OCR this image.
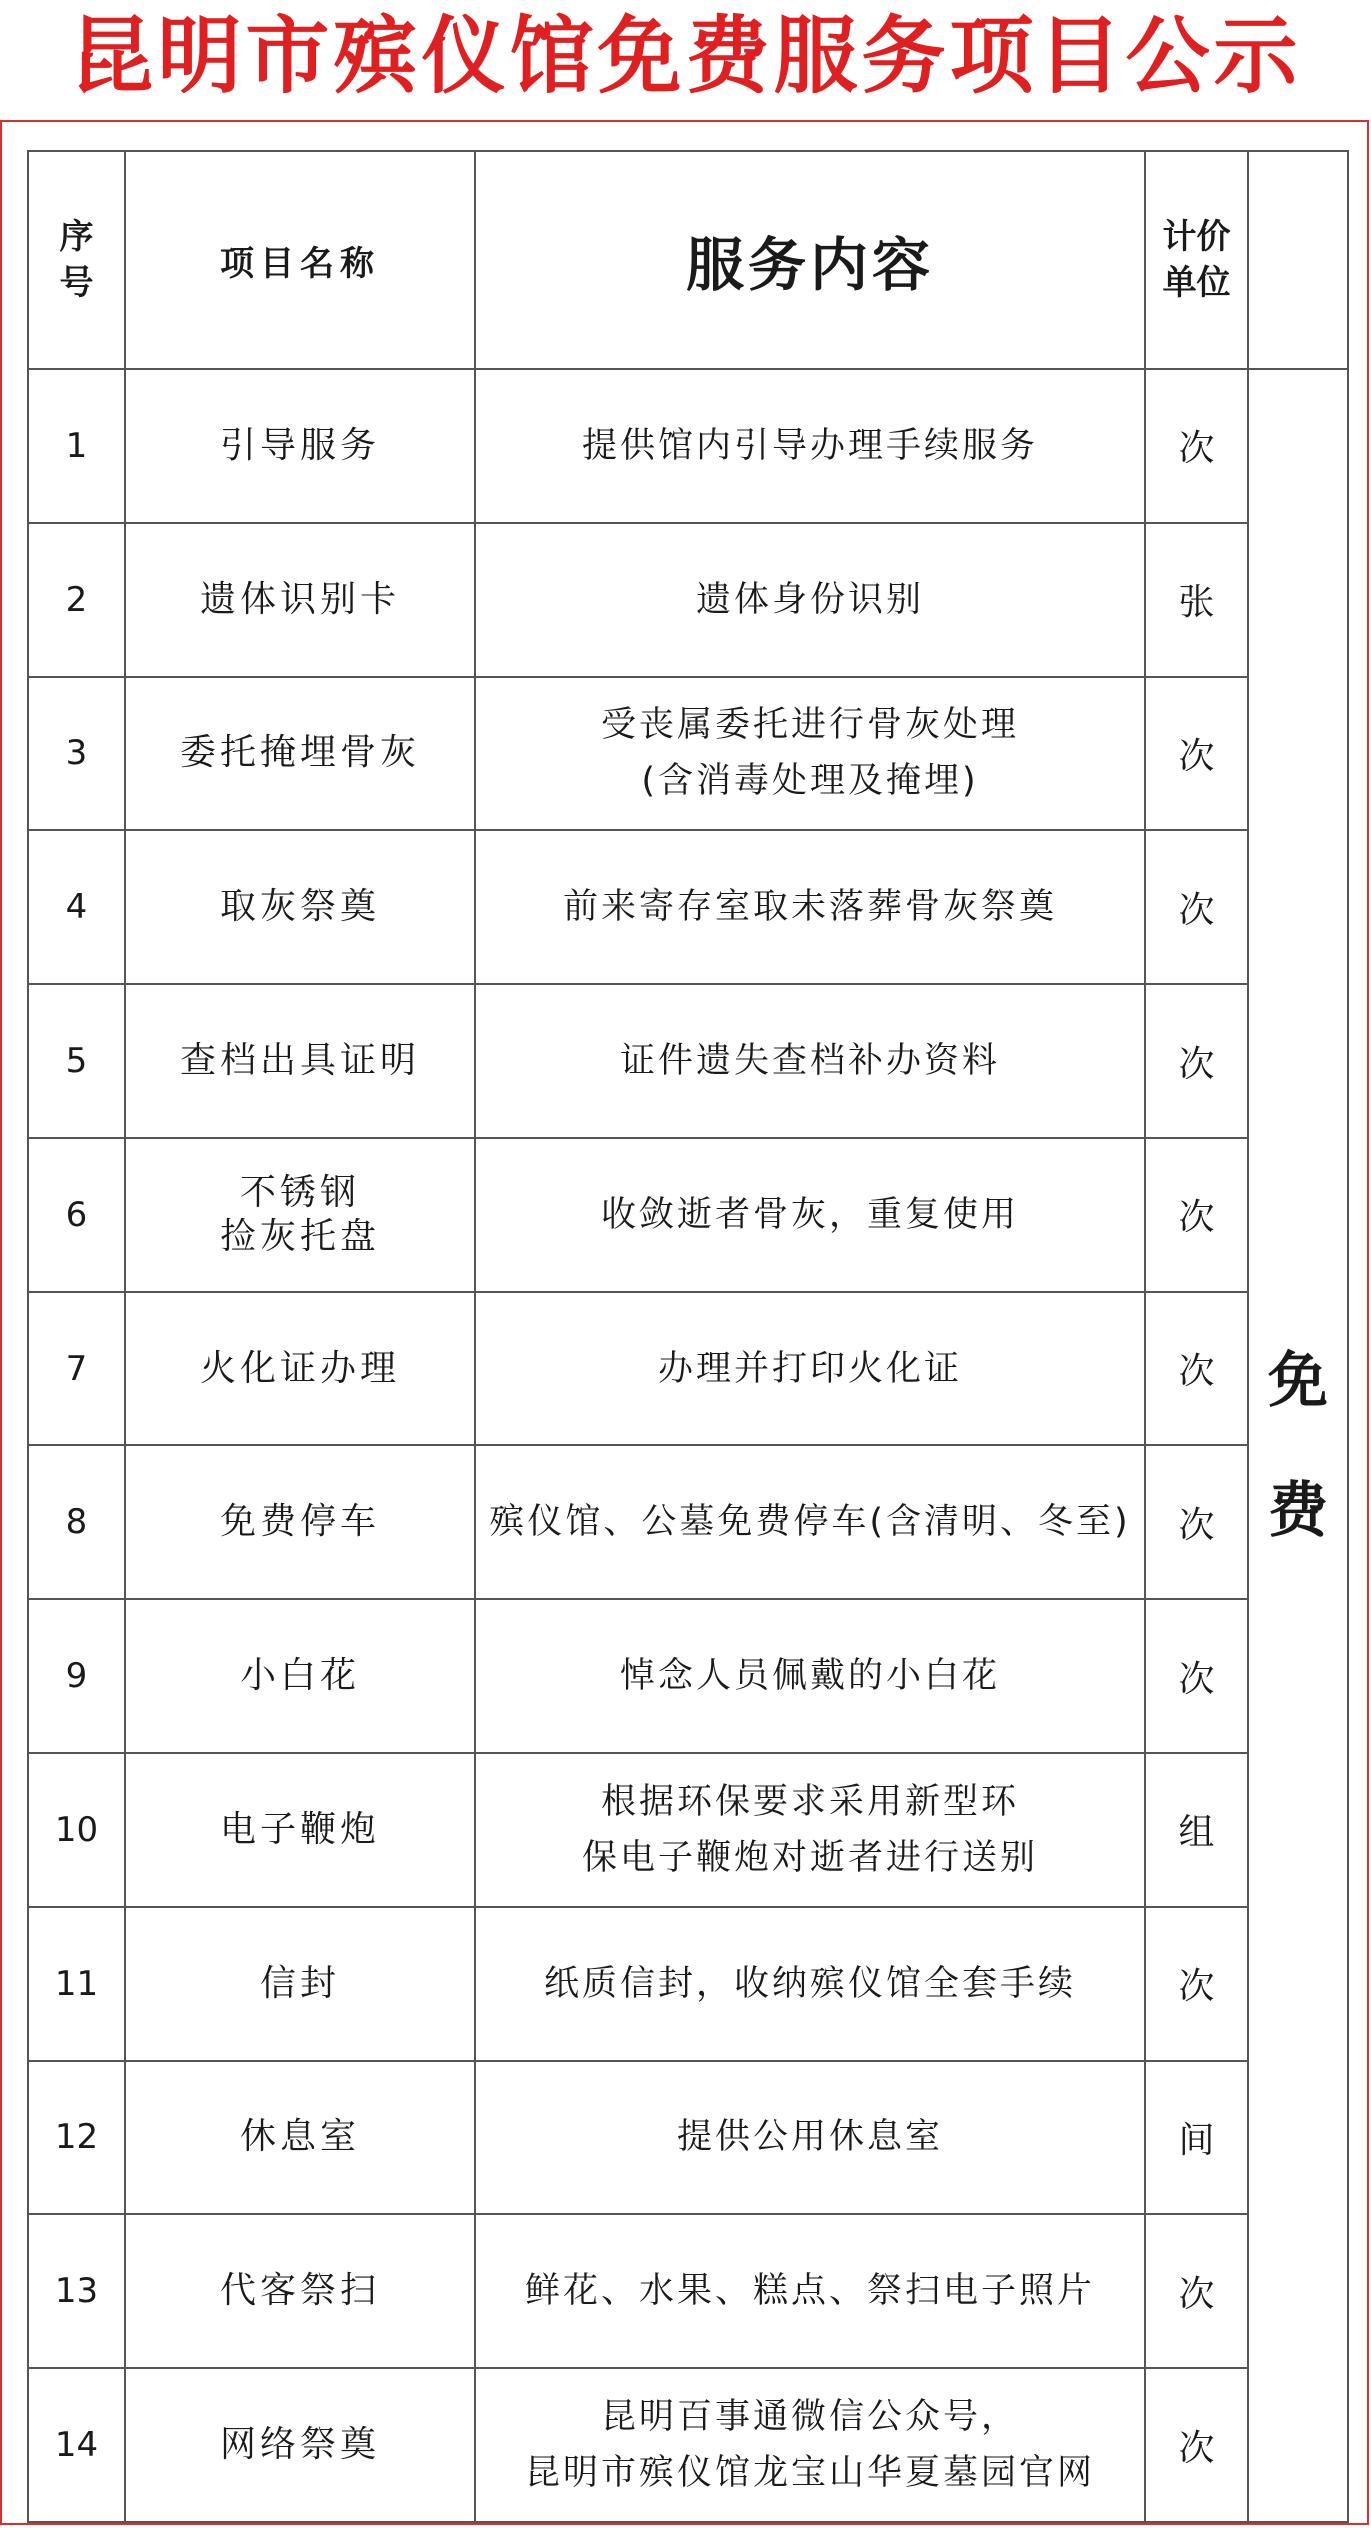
昆明市殡仪馆免费服务项目公示
序
号	项目名称	服务内容	计价
单位	

1	引导服务	提供馆内引导办理手续服务	次	免
费

2	遗体识别卡	遗体身份识别	张	
3	委托掩埋骨灰	受丧属委托进行骨灰处理
(含消毒处理及掩埋)	次	
4	取灰祭奠	前来寄存室取未落葬骨灰祭奠	次	
5	查档出具证明	证件遗失查档补办资料	次	
6	不锈钢
捡灰托盘	收敛逝者骨灰，重复使用	次	
7	火化证办理	办理并打印火化证	次	
8	免费停车	殡仪馆、公墓免费停车(含清明、冬至)	次	
9	小白花	悼念人员佩戴的小白花	次	
10	电子鞭炮	根据环保要求采用新型环
保电子鞭炮对逝者进行送别	组	
11	信封	纸质信封，收纳殡仪馆全套手续	次	
12	休息室	提供公用休息室	间	
13	代客祭扫	鲜花、水果、糕点、祭扫电子照片	次	
14	网络祭奠	昆明百事通微信公众号，
昆明市殡仪馆龙宝山华夏墓园官网	次	
